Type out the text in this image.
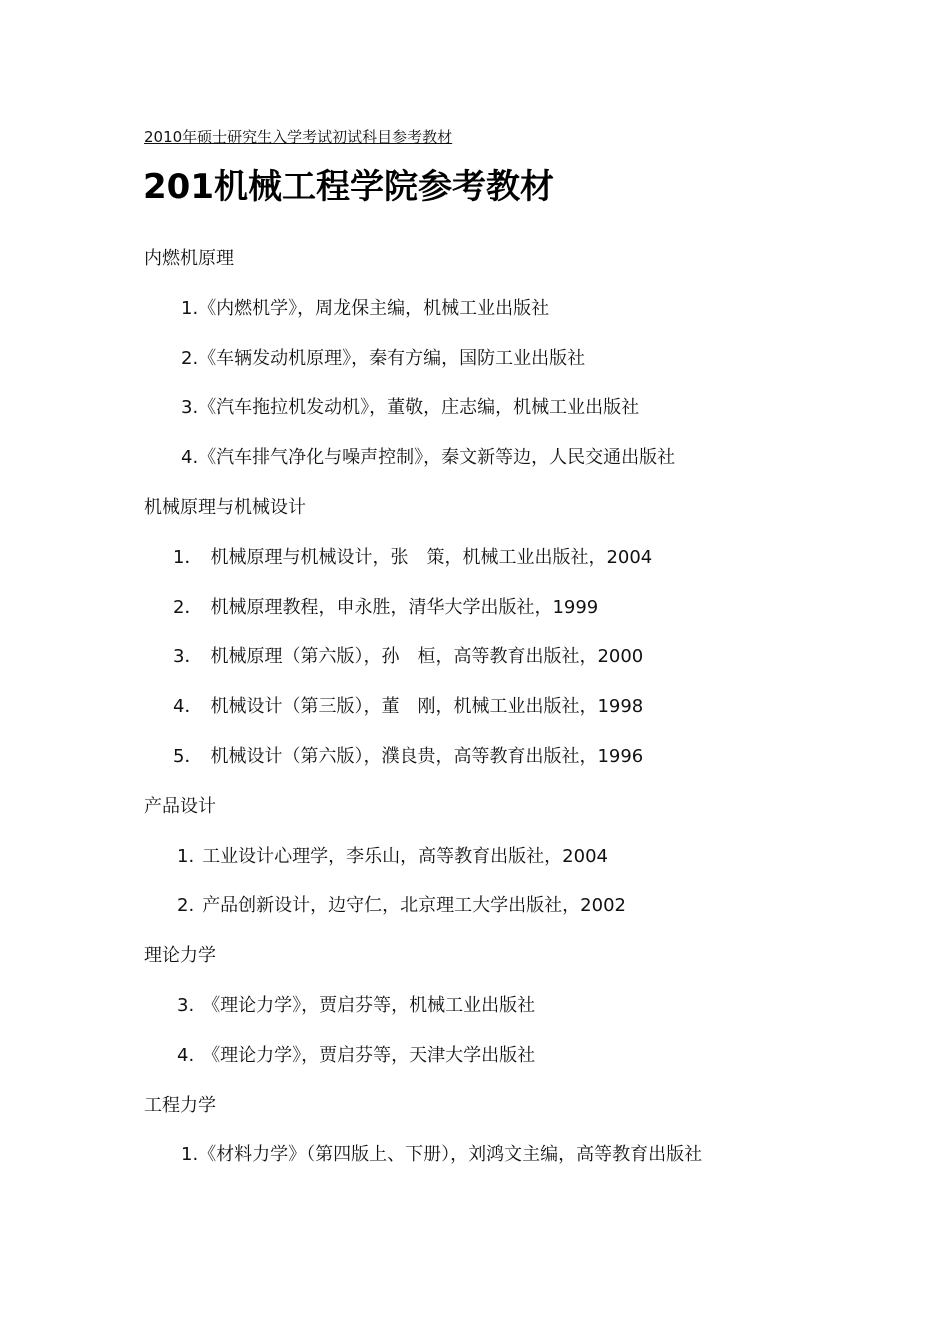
2010年硕士研究生入学考试初试科目参考教材
201机械工程学院参考教材
内燃机原理
1.《内燃机学》，周龙保主编，机械工业出版社
2.《车辆发动机原理》，秦有方编，国防工业出版社
3.《汽车拖拉机发动机》，董敬，庄志编，机械工业出版社
4.《汽车排气净化与噪声控制》，秦文新等边，人民交通出版社
机械原理与机械设计
1． 机械原理与机械设计，张　策，机械工业出版社，2004
2． 机械原理教程，申永胜，清华大学出版社，1999
3． 机械原理（第六版），孙　桓，高等教育出版社，2000
4． 机械设计（第三版），董　刚，机械工业出版社，1998
5． 机械设计（第六版），濮良贵，高等教育出版社，1996
产品设计
1. 工业设计心理学，李乐山，高等教育出版社，2004
2. 产品创新设计，边守仁，北京理工大学出版社，2002
理论力学
3. 《理论力学》，贾启芬等，机械工业出版社
4. 《理论力学》，贾启芬等，天津大学出版社
工程力学
1.《材料力学》（第四版上、下册），刘鸿文主编，高等教育出版社
